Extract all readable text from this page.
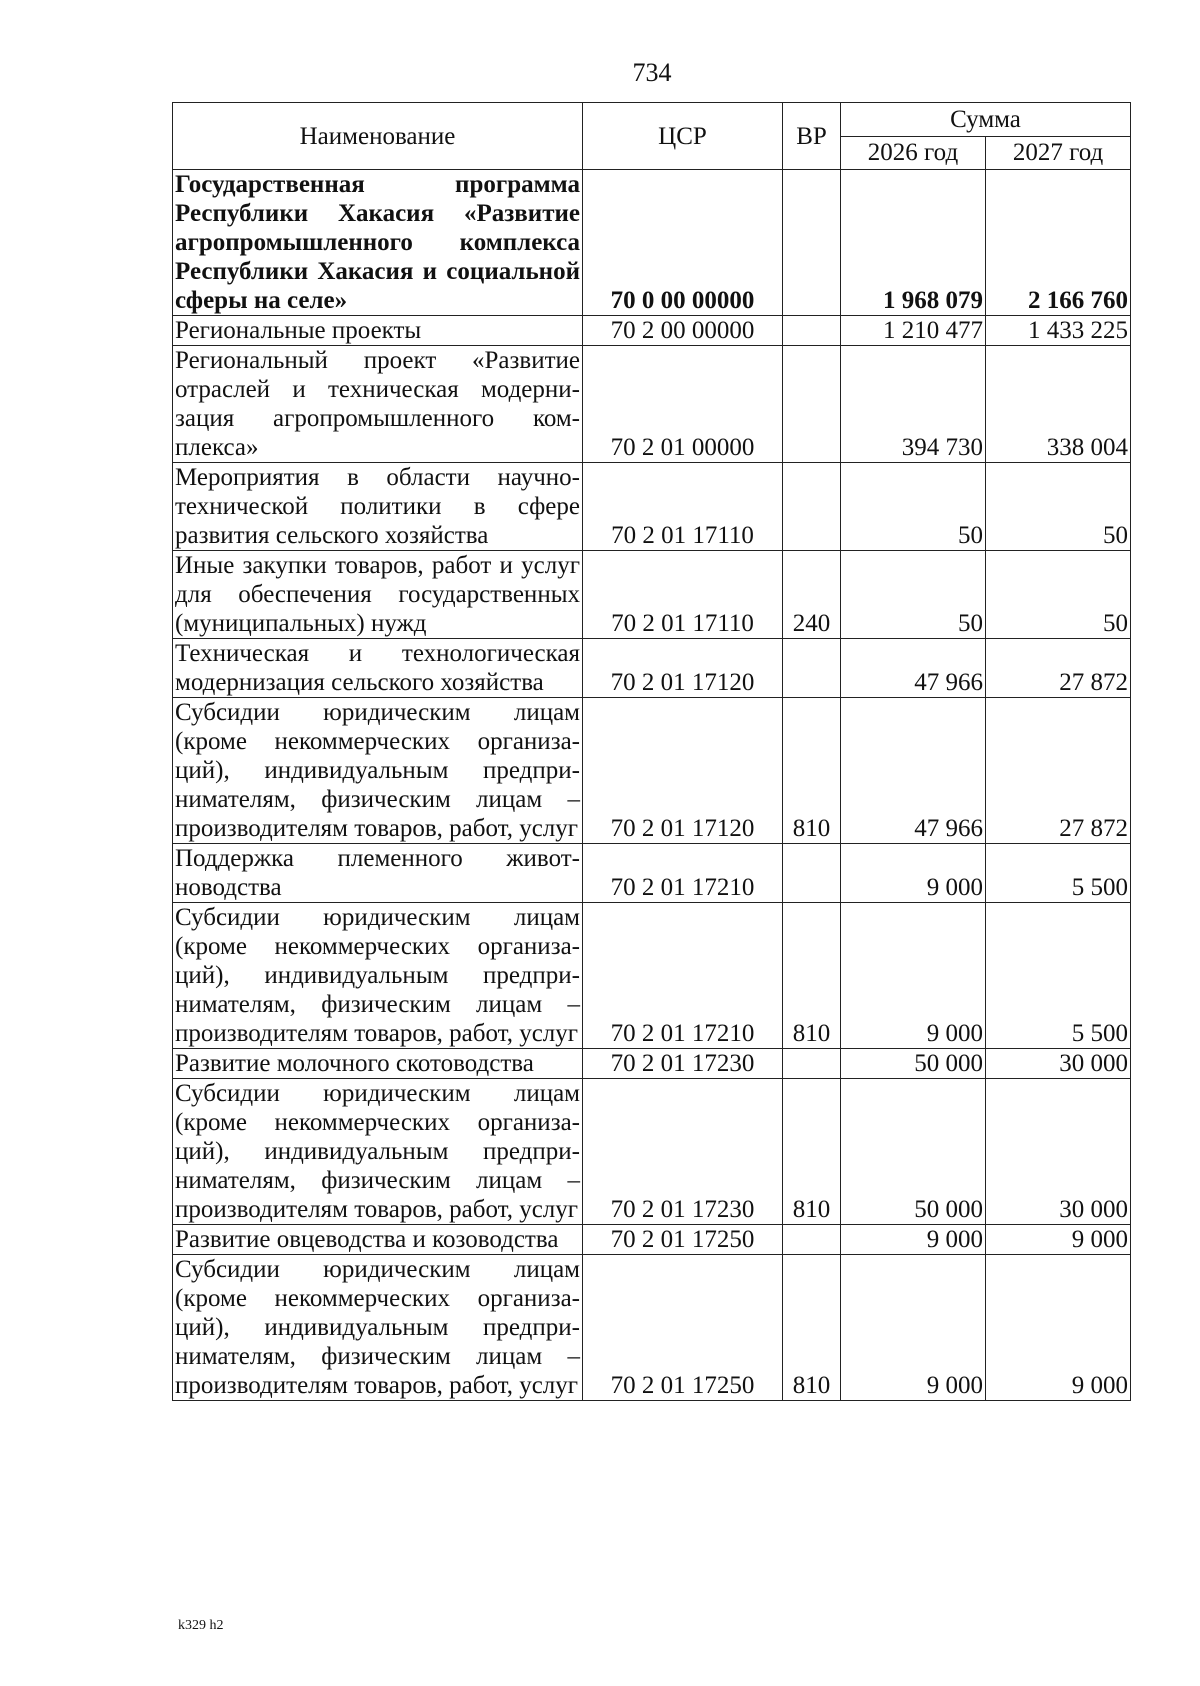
734
Наименование	ЦСР	ВР	Сумма	
			2026 год	2027 год
Государственная программа Республики Хакасия «Развитие агропромышленного комплекса Республики Хакасия и социальной сферы на селе»	70 0 00 00000		1 968 079	2 166 760
Региональные проекты	70 2 00 00000		1 210 477	1 433 225
Региональный проект «Развитие отраслей и техническая модернизация агропромышленного комплекса»	70 2 01 00000		394 730	338 004
Мероприятия в области научно-технической политики в сфере развития сельского хозяйства	70 2 01 17110		50	50
Иные закупки товаров, работ и услуг для обеспечения государственных (муниципальных) нужд	70 2 01 17110	240	50	50
Техническая и технологическая модернизация сельского хозяйства	70 2 01 17120		47 966	27 872
Субсидии юридическим лицам (кроме некоммерческих организаций), индивидуальным предпринимателям, физическим лицам – производителям товаров, работ, услуг	70 2 01 17120	810	47 966	27 872
Поддержка племенного животноводства	70 2 01 17210		9 000	5 500
Субсидии юридическим лицам (кроме некоммерческих организаций), индивидуальным предпринимателям, физическим лицам – производителям товаров, работ, услуг	70 2 01 17210	810	9 000	5 500
Развитие молочного скотоводства	70 2 01 17230		50 000	30 000
Субсидии юридическим лицам (кроме некоммерческих организаций), индивидуальным предпринимателям, физическим лицам – производителям товаров, работ, услуг	70 2 01 17230	810	50 000	30 000
Развитие овцеводства и козоводства	70 2 01 17250		9 000	9 000
Субсидии юридическим лицам (кроме некоммерческих организаций), индивидуальным предпринимателям, физическим лицам – производителям товаров, работ, услуг	70 2 01 17250	810	9 000	9 000
k329 h2
